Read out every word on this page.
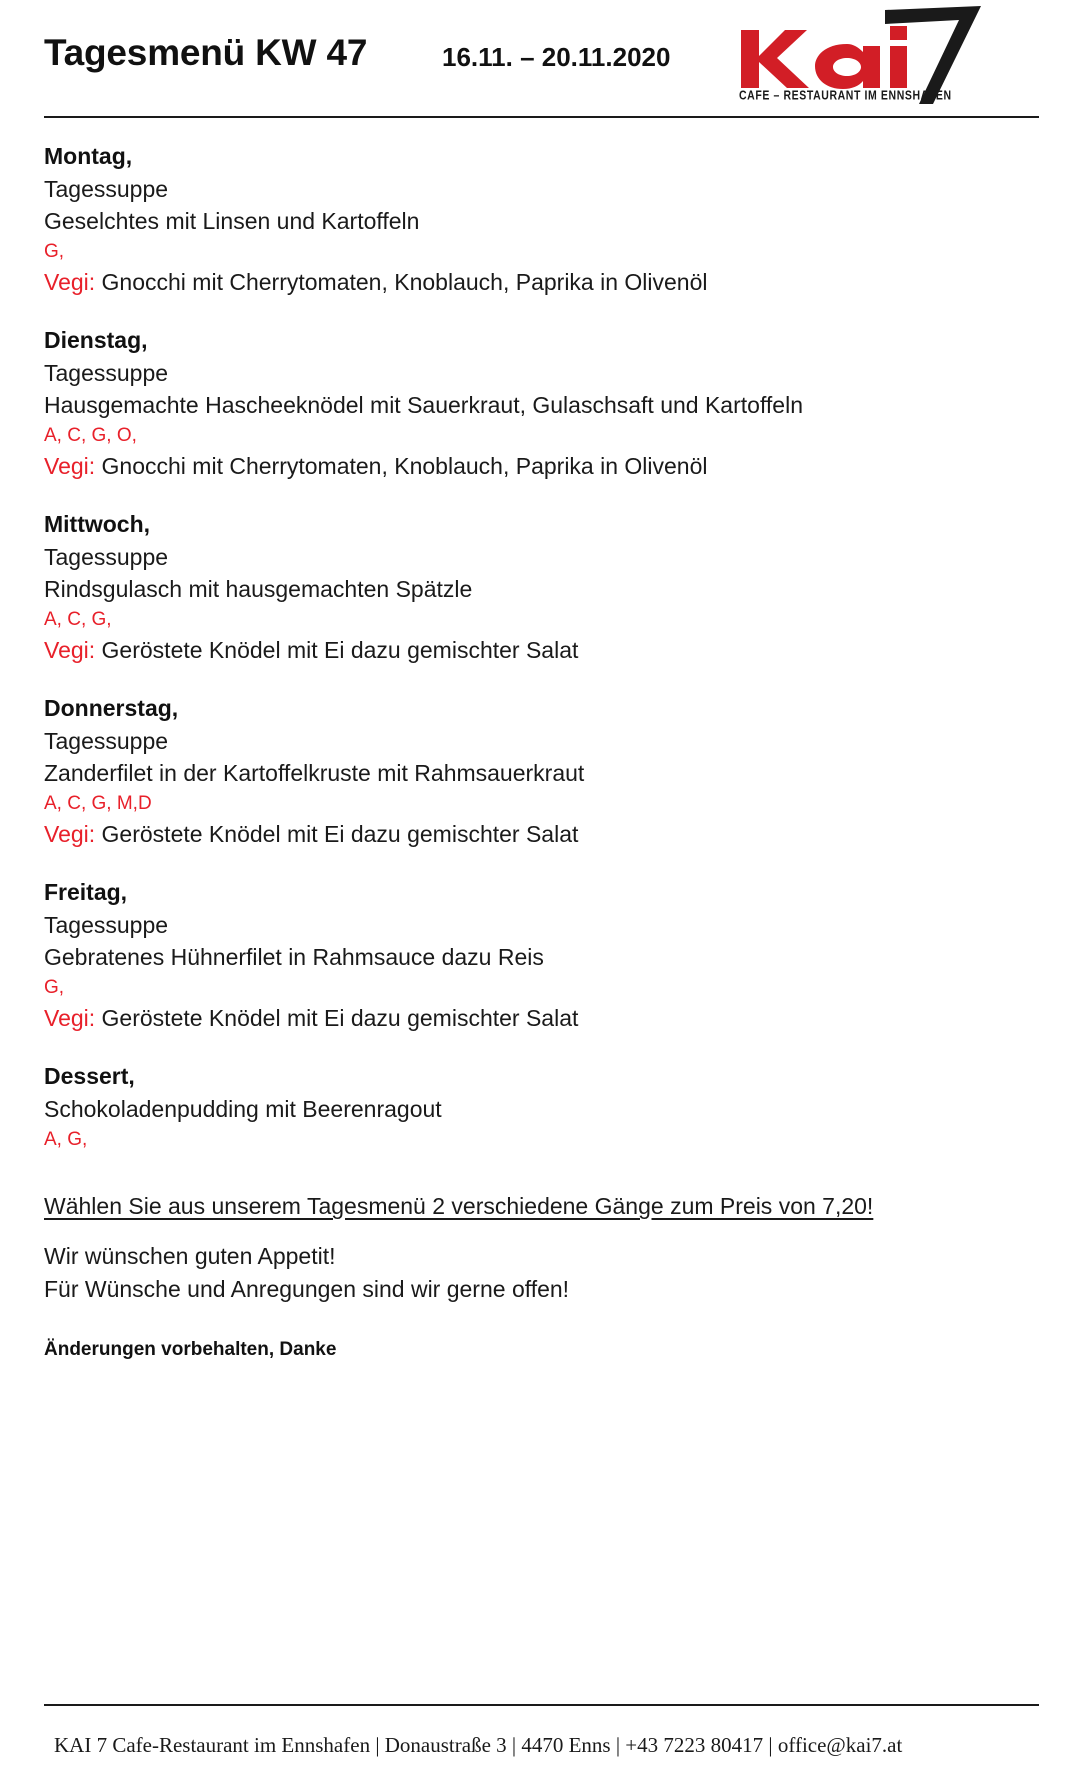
Tagesmenü KW 47	16.11. – 20.11.2020
CAFE – RESTAURANT IM ENNSHAFEN
Montag,
Tagessuppe
Geselchtes mit Linsen und Kartoffeln
G,
Vegi: Gnocchi mit Cherrytomaten, Knoblauch, Paprika in Olivenöl
Dienstag,
Tagessuppe
Hausgemachte Hascheeknödel mit Sauerkraut, Gulaschsaft und Kartoffeln
A, C, G, O,
Vegi: Gnocchi mit Cherrytomaten, Knoblauch, Paprika in Olivenöl
Mittwoch,
Tagessuppe
Rindsgulasch mit hausgemachten Spätzle
A, C, G,
Vegi: Geröstete Knödel mit Ei dazu gemischter Salat
Donnerstag,
Tagessuppe
Zanderfilet in der Kartoffelkruste mit Rahmsauerkraut
A, C, G, M,D
Vegi: Geröstete Knödel mit Ei dazu gemischter Salat
Freitag,
Tagessuppe
Gebratenes Hühnerfilet in Rahmsauce dazu Reis
G,
Vegi: Geröstete Knödel mit Ei dazu gemischter Salat
Dessert,
Schokoladenpudding mit Beerenragout
A, G,
Wählen Sie aus unserem Tagesmenü 2 verschiedene Gänge zum Preis von 7,20!
Wir wünschen guten Appetit!
Für Wünsche und Anregungen sind wir gerne offen!
Änderungen vorbehalten, Danke
KAI 7 Cafe-Restaurant im Ennshafen | Donaustraße 3 | 4470 Enns | +43 7223 80417 | office@kai7.at
